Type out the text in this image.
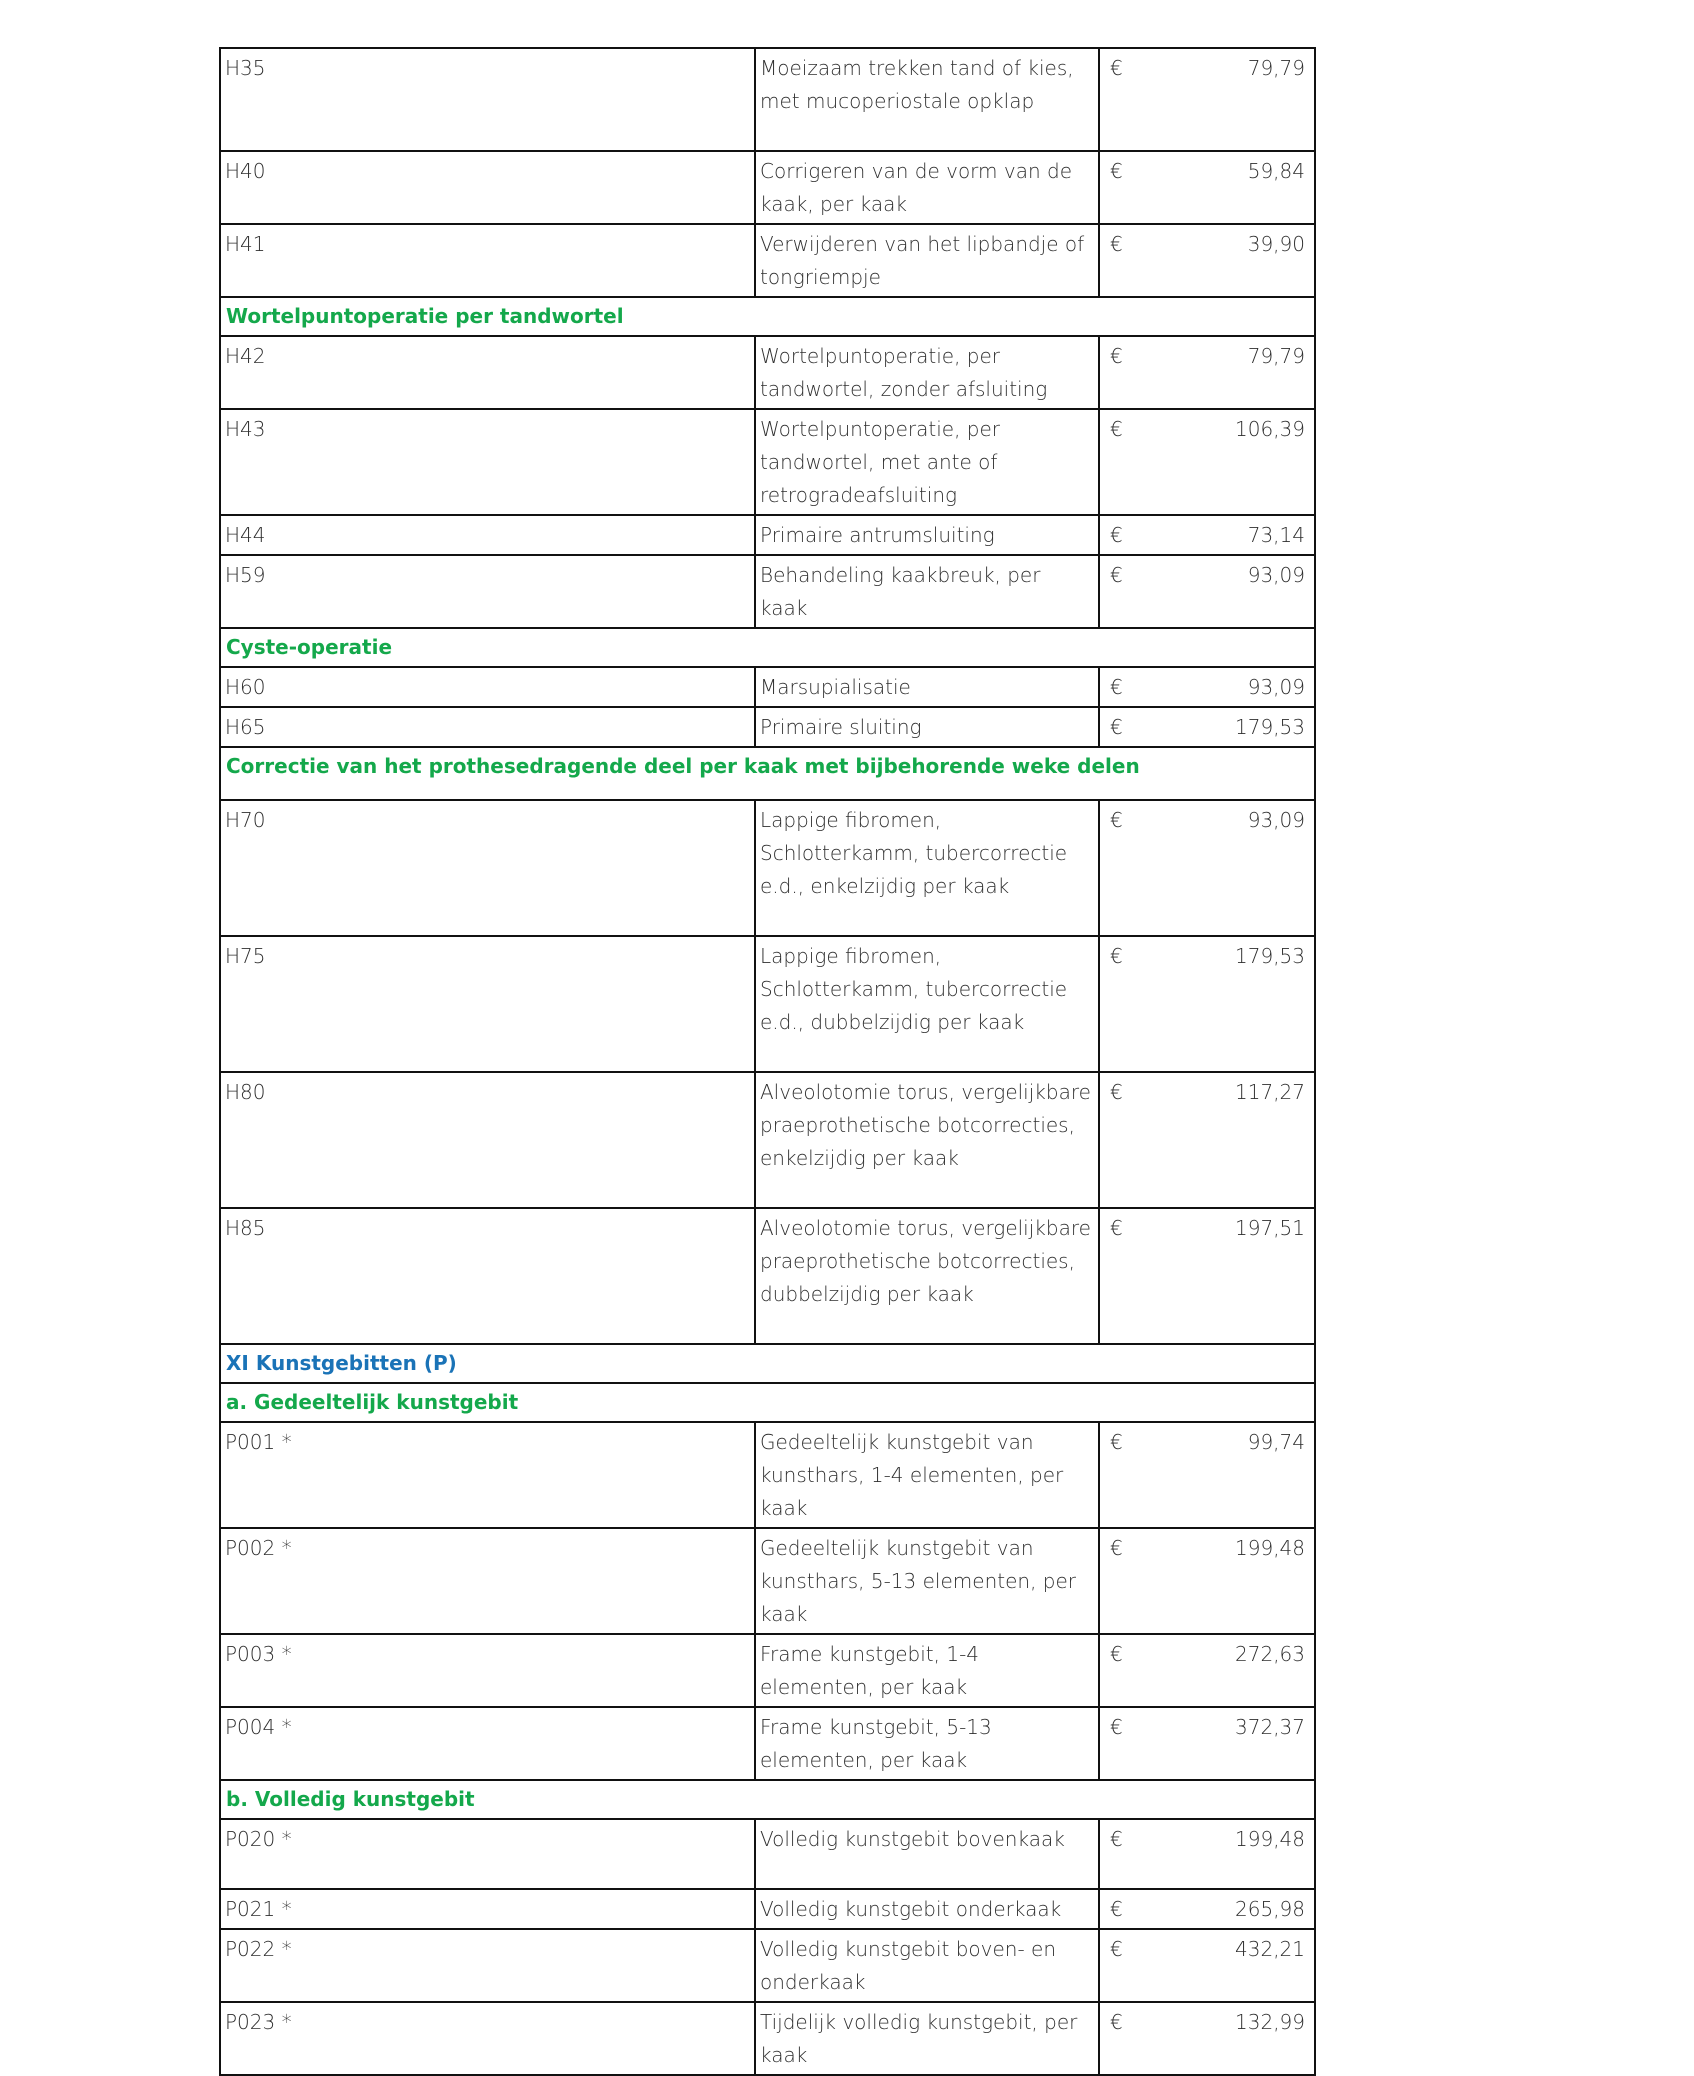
H35	Moeizaam trekken tand of kies, met mucoperiostale opklap	€ 79,79

H40	Corrigeren van de vorm van de kaak, per kaak	€ 59,84

H41	Verwijderen van het lipbandje of tongriempje	€ 39,90

Wortelpuntoperatie per tandwortel		
H42	Wortelpuntoperatie, per tandwortel, zonder afsluiting	€ 79,79

H43	Wortelpuntoperatie, per tandwortel, met ante of retrogradeafsluiting	€ 106,39

H44	Primaire antrumsluiting	€ 73,14

H59	Behandeling kaakbreuk, per kaak	€ 93,09

Cyste-operatie		
H60	Marsupialisatie	€ 93,09

H65	Primaire sluiting	€ 179,53

Correctie van het prothesedragende deel per kaak met bijbehorende weke delen		
H70	Lappige fibromen, Schlotterkamm, tubercorrectie e.d., enkelzijdig per kaak	€ 93,09

H75	Lappige fibromen, Schlotterkamm, tubercorrectie e.d., dubbelzijdig per kaak	€ 179,53

H80	Alveolotomie torus, vergelijkbare praeprothetische botcorrecties, enkelzijdig per kaak	€ 117,27

H85	Alveolotomie torus, vergelijkbare praeprothetische botcorrecties, dubbelzijdig per kaak	€ 197,51

XI Kunstgebitten (P)		
a. Gedeeltelijk kunstgebit		
P001 *	Gedeeltelijk kunstgebit van kunsthars, 1-4 elementen, per kaak	€ 99,74

P002 *	Gedeeltelijk kunstgebit van kunsthars, 5-13 elementen, per kaak	€ 199,48

P003 *	Frame kunstgebit, 1-4 elementen, per kaak	€ 272,63

P004 *	Frame kunstgebit, 5-13 elementen, per kaak	€ 372,37

b. Volledig kunstgebit		
P020 *	Volledig kunstgebit bovenkaak	€ 199,48

P021 *	Volledig kunstgebit onderkaak	€ 265,98

P022 *	Volledig kunstgebit boven- en onderkaak	€ 432,21

P023 *	Tijdelijk volledig kunstgebit, per kaak	€ 132,99
